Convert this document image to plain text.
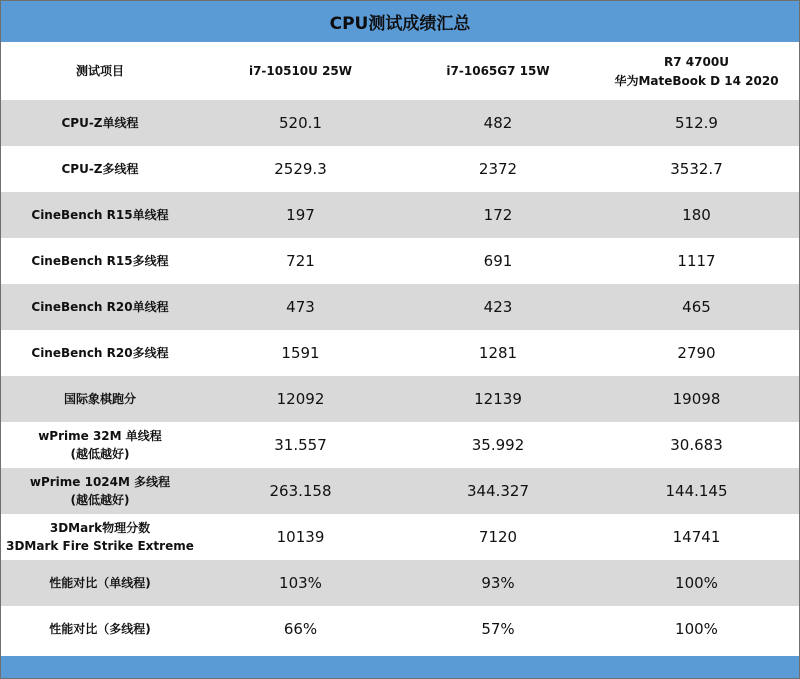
CPU测试成绩汇总
测试项目	i7-10510U 25W	i7-1065G7 15W	R7 4700U
华为MateBook D 14 2020

CPU-Z单线程	520.1	482	512.9
CPU-Z多线程	2529.3	2372	3532.7
CineBench R15单线程	197	172	180
CineBench R15多线程	721	691	1117
CineBench R20单线程	473	423	465
CineBench R20多线程	1591	1281	2790
国际象棋跑分	12092	12139	19098

wPrime 32M 单线程
(越低越好)	31.557	35.992	30.683

wPrime 1024M 多线程
(越低越好)	263.158	344.327	144.145

3DMark物理分数
3DMark Fire Strike Extreme	10139	7120	14741
性能对比（单线程)	103%	93%	100%
性能对比（多线程)	66%	57%	100%
